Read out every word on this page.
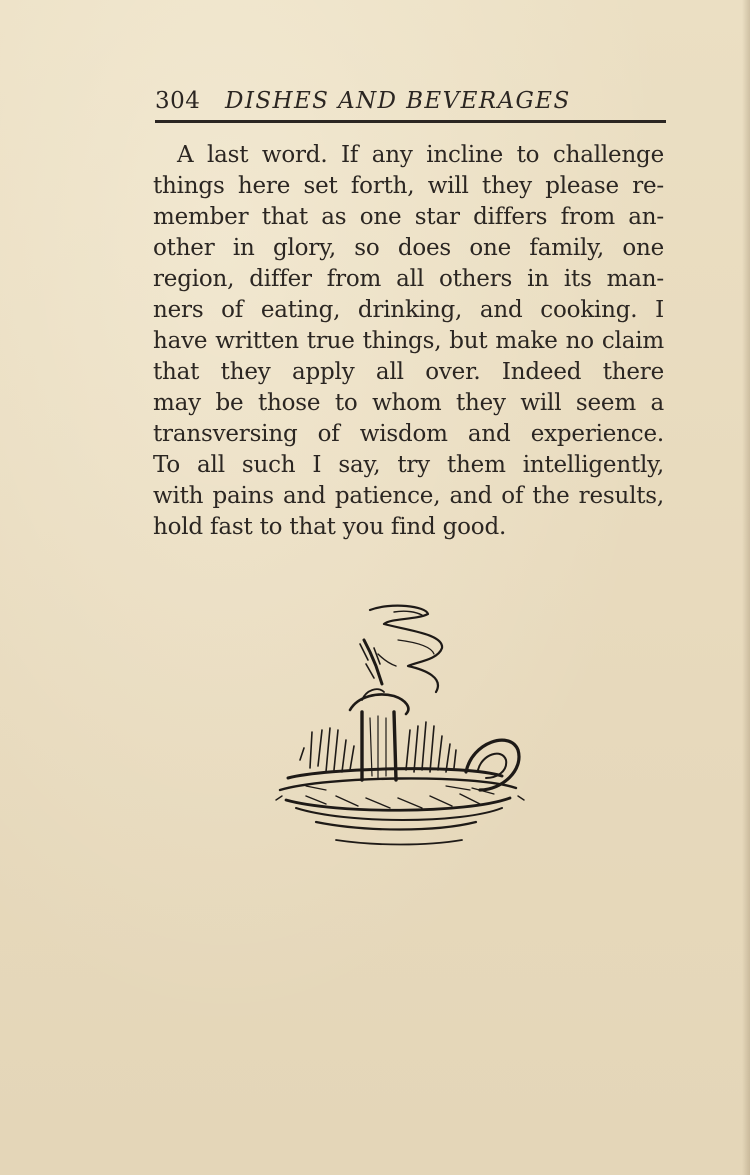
304 DISHES AND BEVERAGES
A last word. If any incline to challenge
things here set forth, will they please re-
member that as one star differs from an-
other in glory, so does one family, one
region, differ from all others in its man-
ners of eating, drinking, and cooking. I
have written true things, but make no claim
that they apply all over. Indeed there
may be those to whom they will seem a
transversing of wisdom and experience.
To all such I say, try them intelligently,
with pains and patience, and of the results,
hold fast to that you find good.
